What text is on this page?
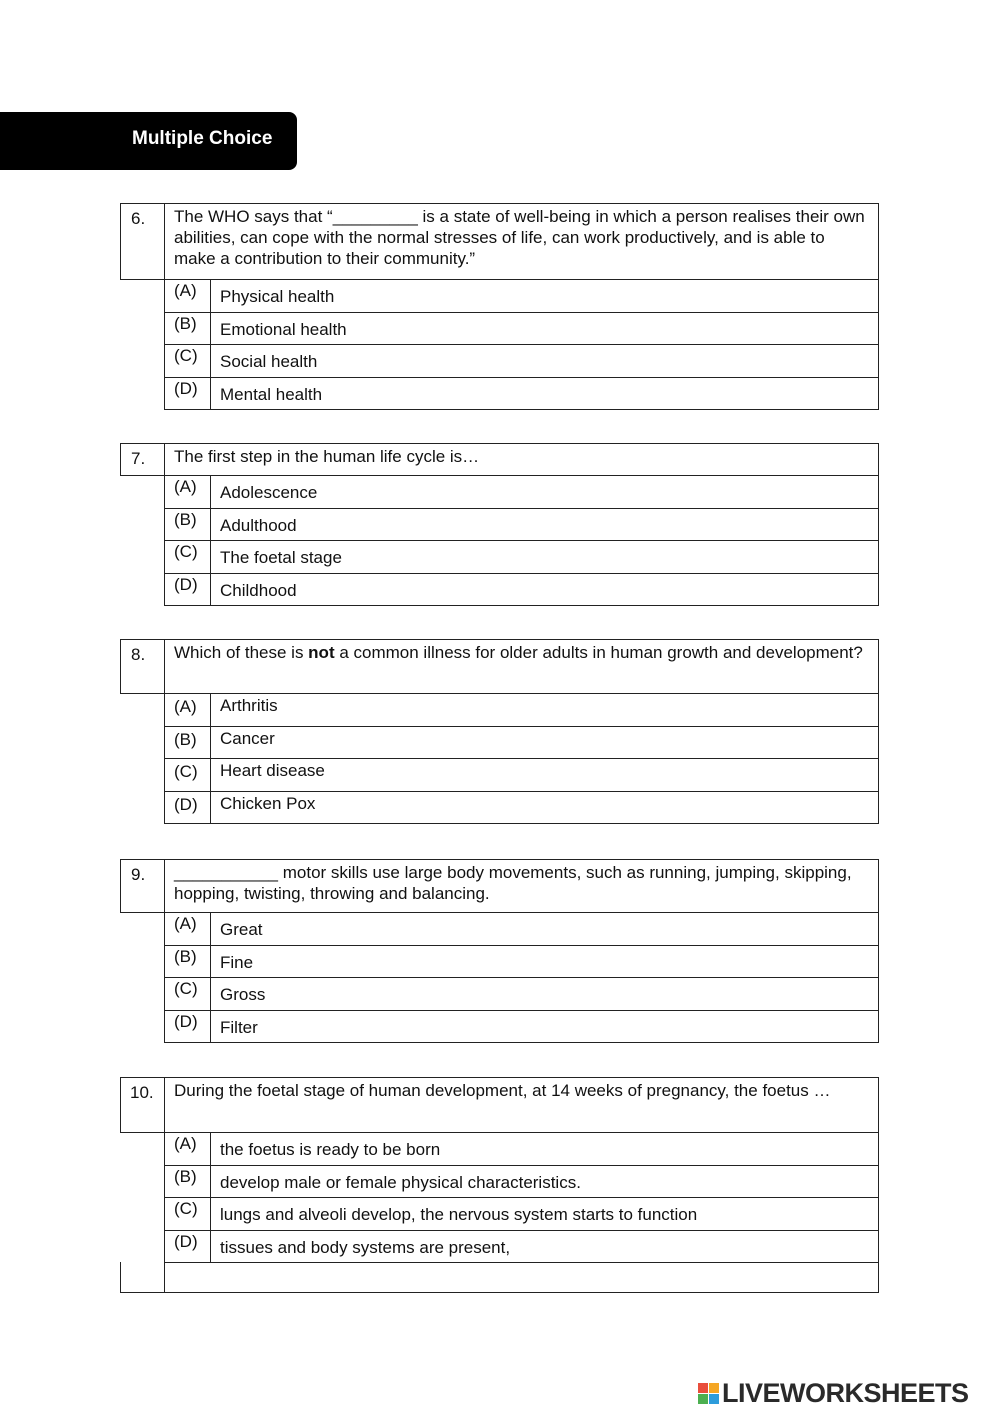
Multiple Choice
6.	The WHO says that “_________ is a state of well-being in which a person realises their own abilities, can cope with the normal stresses of life, can work productively, and is able to make a contribution to their community.”
(A)	Physical health
(B)	Emotional health
(C)	Social health
(D)	Mental health
7.	The first step in the human life cycle is…
(A)	Adolescence
(B)	Adulthood
(C)	The foetal stage
(D)	Childhood
8.	Which of these is not a common illness for older adults in human growth and development?
(A)	Arthritis
(B)	Cancer
(C)	Heart disease
(D)	Chicken Pox
9.	___________ motor skills use large body movements, such as running, jumping, skipping, hopping, twisting, throwing and balancing.
(A)	Great
(B)	Fine
(C)	Gross
(D)	Filter
10.	During the foetal stage of human development, at 14 weeks of pregnancy, the foetus …
(A)	the foetus is ready to be born
(B)	develop male or female physical characteristics.
(C)	lungs and alveoli develop, the nervous system starts to function
(D)	tissues and body systems are present,
LIVEWORKSHEETS
